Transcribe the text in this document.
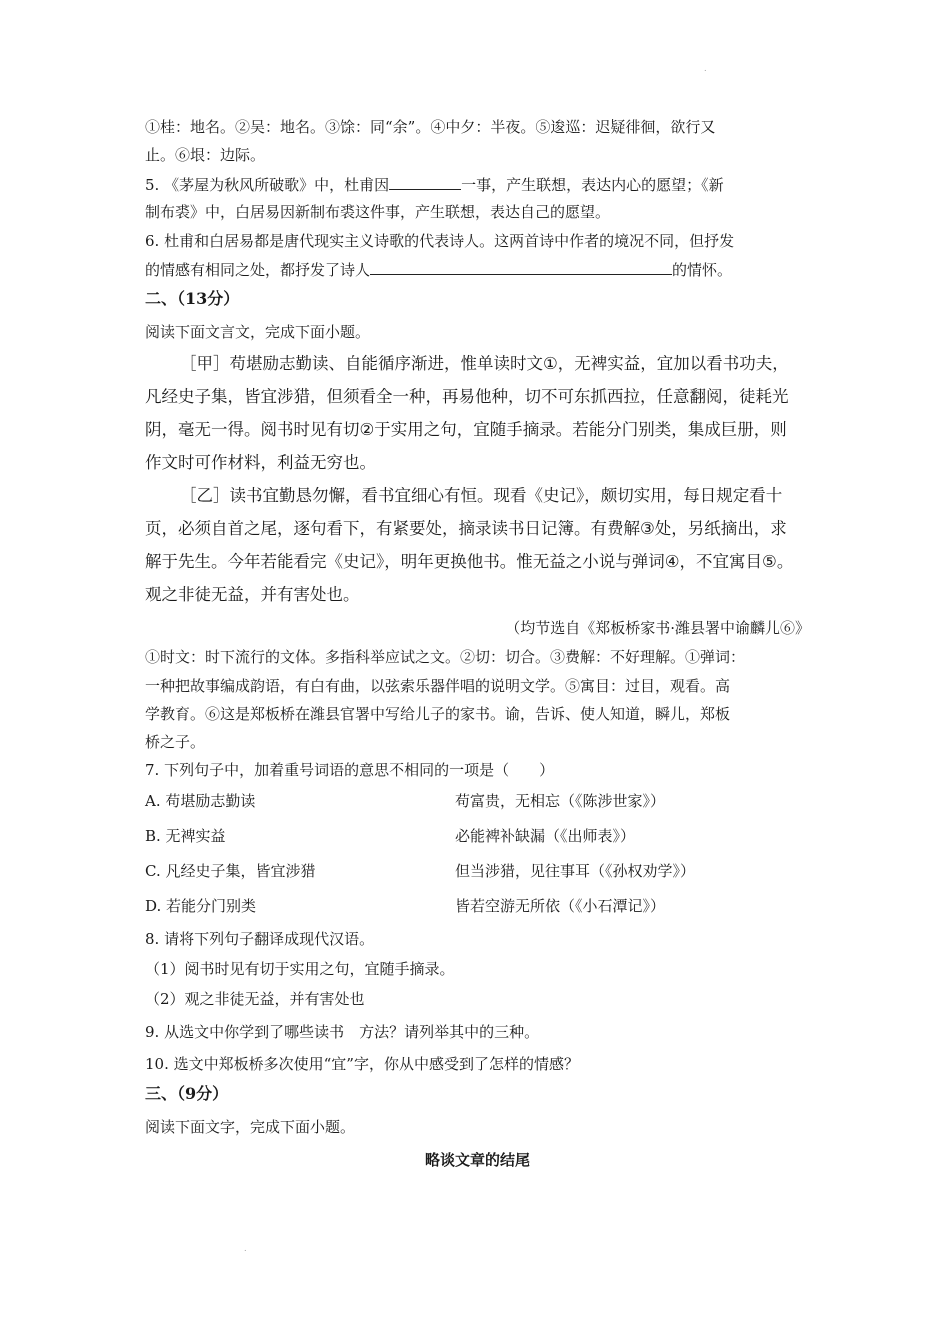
.
①桂：地名。②吴：地名。③馀：同“余”。④中夕：半夜。⑤逡巡：迟疑徘徊，欲行又
止。⑥垠：边际。
5. 《茅屋为秋风所破歌》中，杜甫因	一事，产生联想，表达内心的愿望；《新
制布裘》中，白居易因新制布裘这件事，产生联想，表达自己的愿望。
6. 杜甫和白居易都是唐代现实主义诗歌的代表诗人。这两首诗中作者的境况不同，但抒发
的情感有相同之处，都抒发了诗人	的情怀。
二、（13分）
阅读下面文言文，完成下面小题。
［甲］苟堪励志勤读、自能循序渐进，惟单读时文①，无裨实益，宜加以看书功夫，
凡经史子集，皆宜涉猎，但须看全一种，再易他种，切不可东抓西拉，任意翻阅，徒耗光
阴，毫无一得。阅书时见有切②于实用之句，宜随手摘录。若能分门别类，集成巨册，则
作文时可作材料，利益无穷也。
［乙］读书宜勤恳勿懈，看书宜细心有恒。现看《史记》，颇切实用，每日规定看十
页，必须自首之尾，逐句看下，有紧要处，摘录读书日记簿。有费解③处，另纸摘出，求
解于先生。今年若能看完《史记》，明年更换他书。惟无益之小说与弹词④，不宜寓目⑤。
观之非徒无益，并有害处也。
（均节选自《郑板桥家书·潍县署中谕麟儿⑥》
①时文：时下流行的文体。多指科举应试之文。②切：切合。③费解：不好理解。①弹词：
一种把故事编成韵语，有白有曲，以弦索乐器伴唱的说明文学。⑤寓目：过目，观看。高
学教育。⑥这是郑板桥在潍县官署中写给儿子的家书。谕，告诉、使人知道，瞬儿，郑板
桥之子。
7. 下列句子中，加着重号词语的意思不相同的一项是（　　）
A. 苟堪励志勤读	苟富贵，无相忘（《陈涉世家》）
B. 无裨实益	必能裨补缺漏（《出师表》）
C. 凡经史子集，皆宜涉猎	但当涉猎，见往事耳（《孙权劝学》）
D. 若能分门别类	皆若空游无所依（《小石潭记》）
8. 请将下列句子翻译成现代汉语。
（1）阅书时见有切于实用之句，宜随手摘录。
（2）观之非徒无益，并有害处也
9. 从选文中你学到了哪些读书　方法？请列举其中的三种。
10. 选文中郑板桥多次使用“宜”字，你从中感受到了怎样的情感？
三、（9分）
阅读下面文字，完成下面小题。
略谈文章的结尾
.
